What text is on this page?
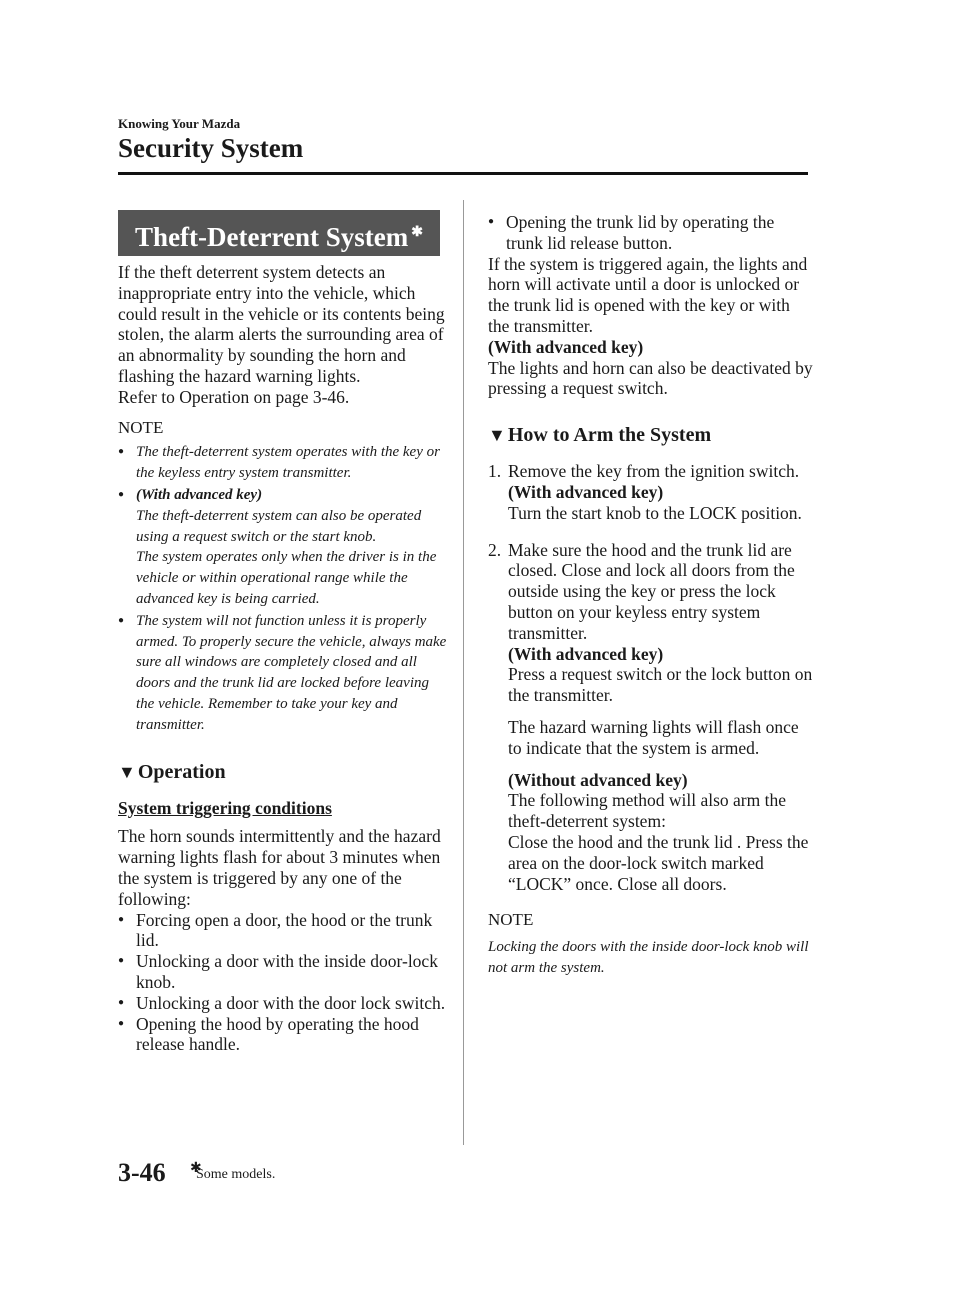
Knowing Your Mazda
Security System
Theft-Deterrent System ✱

If the theft deterrent system detects an inappropriate entry into the vehicle, which could result in the vehicle or its contents being stolen, the alarm alerts the surrounding area of an abnormality by sounding the horn and flashing the hazard warning lights.

Refer to Operation on page 3-46.

NOTE

● The theft-deterrent system operates with the key or the keyless entry system transmitter.
● (With advanced key)
The theft-deterrent system can also be operated using a request switch or the start knob.
The system operates only when the driver is in the vehicle or within operational range while the advanced key is being carried.
● The system will not function unless it is properly armed. To properly secure the vehicle, always make sure all windows are completely closed and all doors and the trunk lid are locked before leaving the vehicle. Remember to take your key and transmitter.

▼ Operation

System triggering conditions

The horn sounds intermittently and the hazard warning lights flash for about 3 minutes when the system is triggered by any one of the following:

● Forcing open a door, the hood or the trunk lid.
● Unlocking a door with the inside door-lock knob.
● Unlocking a door with the door lock switch.
● Opening the hood by operating the hood release handle.
● Opening the trunk lid by operating the trunk lid release button.

If the system is triggered again, the lights and horn will activate until a door is unlocked or the trunk lid is opened with the key or with the transmitter.

(With advanced key)

The lights and horn can also be deactivated by pressing a request switch.

▼ How to Arm the System

1. Remove the key from the ignition switch.
(With advanced key)
Turn the start knob to the LOCK position.
2. Make sure the hood and the trunk lid are closed. Close and lock all doors from the outside using the key or press the lock button on your keyless entry system transmitter.
(With advanced key)
Press a request switch or the lock button on the transmitter.
The hazard warning lights will flash once to indicate that the system is armed.
(Without advanced key)
The following method will also arm the theft-deterrent system:
Close the hood and the trunk lid . Press the area on the door-lock switch marked “LOCK” once. Close all doors.

NOTE

Locking the doors with the inside door-lock knob will not arm the system.

3-46 ✱
Some models.
